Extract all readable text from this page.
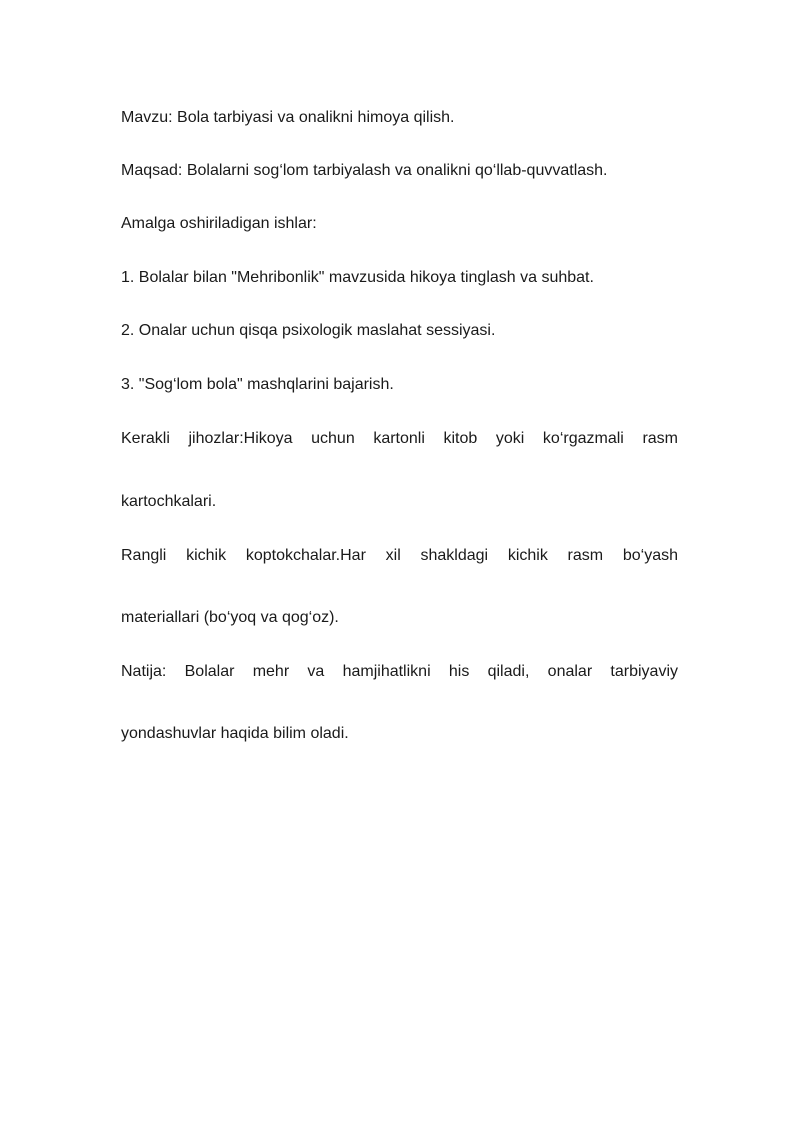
Mavzu: Bola tarbiyasi va onalikni himoya qilish.

Maqsad: Bolalarni sog‘lom tarbiyalash va onalikni qo‘llab-quvvatlash.

Amalga oshiriladigan ishlar:

1. Bolalar bilan "Mehribonlik" mavzusida hikoya tinglash va suhbat.

2. Onalar uchun qisqa psixologik maslahat sessiyasi.

3. "Sog‘lom bola" mashqlarini bajarish.

Kerakli jihozlar:Hikoya uchun kartonli kitob yoki ko‘rgazmali rasm

kartochkalari.

Rangli kichik koptokchalar.Har xil shakldagi kichik rasm bo‘yash

materiallari (bo‘yoq va qog‘oz).

Natija: Bolalar mehr va hamjihatlikni his qiladi, onalar tarbiyaviy

yondashuvlar haqida bilim oladi.
